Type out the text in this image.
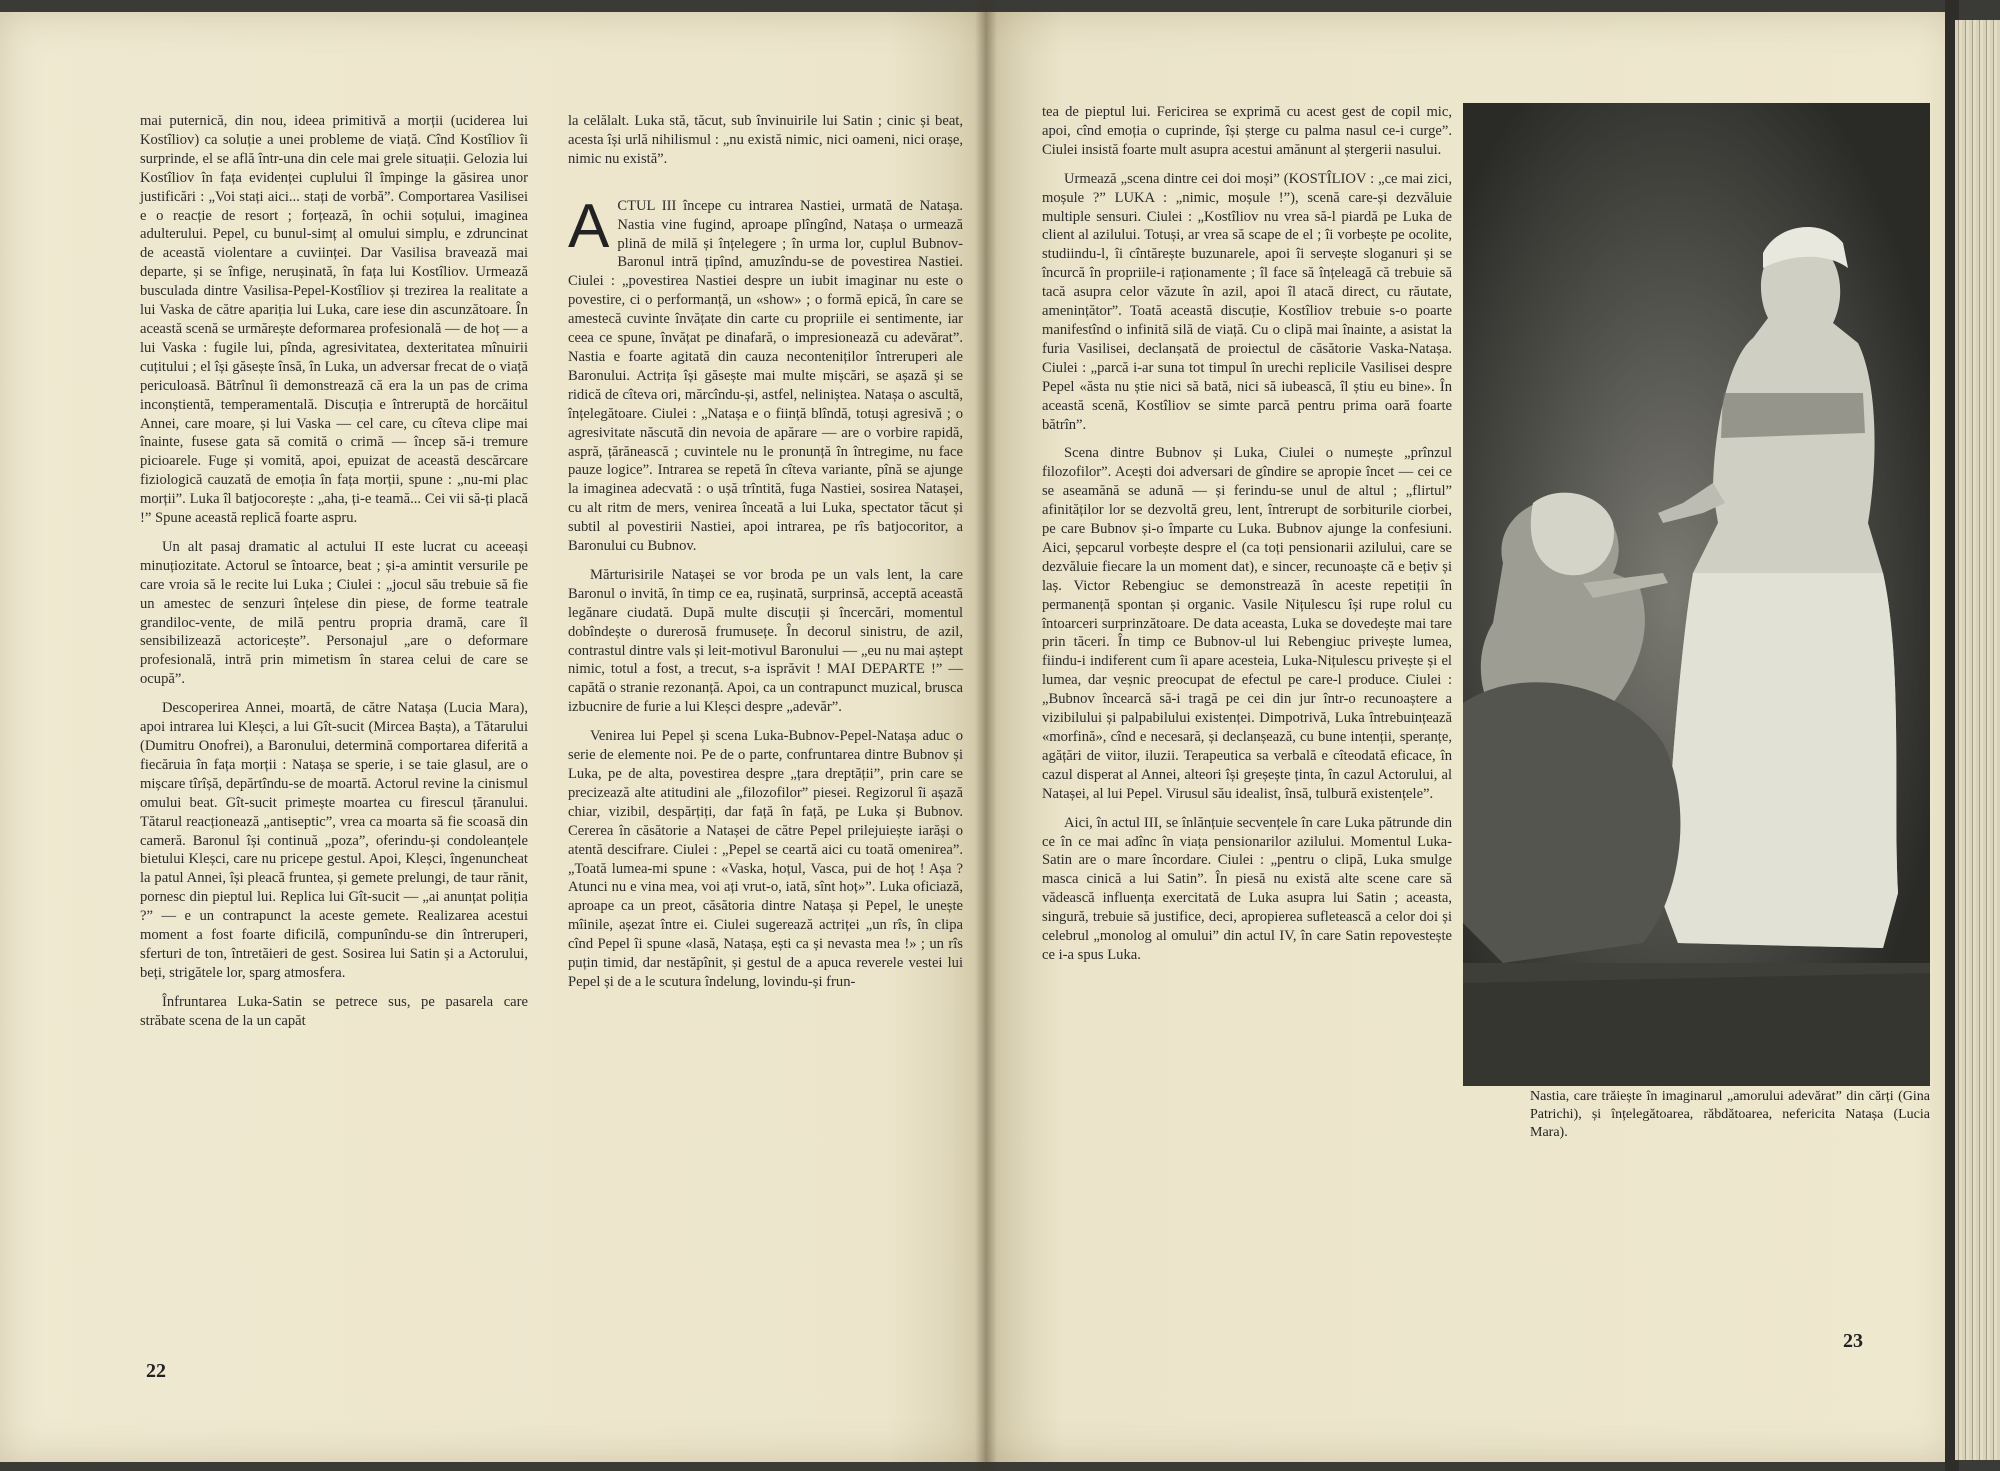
mai puternică, din nou, ideea primitivă a morții (uciderea lui Kostîliov) ca soluție a unei probleme de viață. Cînd Kostîliov îi surprinde, el se află într-una din cele mai grele situații. Gelozia lui Kostîliov în fața evidenței cuplului îl împinge la găsirea unor justificări : „Voi stați aici... stați de vorbă”. Comportarea Vasilisei e o reacție de resort ; forțează, în ochii soțului, imaginea adulterului. Pepel, cu bunul-simț al omului simplu, e zdruncinat de această violentare a cuviinței. Dar Vasilisa bravează mai departe, și se înfige, nerușinată, în fața lui Kostîliov. Urmează busculada dintre Vasilisa-Pepel-Kostîliov și trezirea la realitate a lui Vaska de către apariția lui Luka, care iese din ascunzătoare. În această scenă se urmărește deformarea profesională — de hoț — a lui Vaska : fugile lui, pînda, agresivitatea, dexteritatea mînuirii cuțitului ; el își găsește însă, în Luka, un adversar frecat de o viață periculoasă. Bătrînul îi demonstrează că era la un pas de crima inconștientă, temperamentală. Discuția e întreruptă de horcăitul Annei, care moare, și lui Vaska — cel care, cu cîteva clipe mai înainte, fusese gata să comită o crimă — încep să-i tremure picioarele. Fuge și vomită, apoi, epuizat de această descărcare fiziologică cauzată de emoția în fața morții, spune : „nu-mi plac morții”. Luka îl batjocorește : „aha, ți-e teamă... Cei vii să-ți placă !” Spune această replică foarte aspru.

Un alt pasaj dramatic al actului II este lucrat cu aceeași minuțiozitate. Actorul se întoarce, beat ; și-a amintit versurile pe care vroia să le recite lui Luka ; Ciulei : „jocul său trebuie să fie un amestec de senzuri înțelese din piese, de forme teatrale grandiloc-vente, de milă pentru propria dramă, care îl sensibilizează actoricește”. Personajul „are o deformare profesională, intră prin mimetism în starea celui de care se ocupă”.

Descoperirea Annei, moartă, de către Natașa (Lucia Mara), apoi intrarea lui Kleșci, a lui Gît-sucit (Mircea Bașta), a Tătarului (Dumitru Onofrei), a Baronului, determină comportarea diferită a fiecăruia în fața morții : Natașa se sperie, i se taie glasul, are o mișcare tîrîșă, depărtîndu-se de moartă. Actorul revine la cinismul omului beat. Gît-sucit primește moartea cu firescul țăranului. Tătarul reacționează „antiseptic”, vrea ca moarta să fie scoasă din cameră. Baronul își continuă „poza”, oferindu-și condoleanțele bietului Kleșci, care nu pricepe gestul. Apoi, Kleșci, îngenuncheat la patul Annei, își pleacă fruntea, și gemete prelungi, de taur rănit, pornesc din pieptul lui. Replica lui Gît-sucit — „ai anunțat poliția ?” — e un contrapunct la aceste gemete. Realizarea acestui moment a fost foarte dificilă, compunîndu-se din întreruperi, sferturi de ton, întretăieri de gest. Sosirea lui Satin și a Actorului, beți, strigătele lor, sparg atmosfera.

Înfruntarea Luka-Satin se petrece sus, pe pasarela care străbate scena de la un capăt

la celălalt. Luka stă, tăcut, sub învinuirile lui Satin ; cinic și beat, acesta își urlă nihilismul : „nu există nimic, nici oameni, nici orașe, nimic nu există”.

ACTUL III începe cu intrarea Nastiei, urmată de Natașa. Nastia vine fugind, aproape plîngînd, Natașa o urmează plină de milă și înțelegere ; în urma lor, cuplul Bubnov-Baronul intră țipînd, amuzîndu-se de povestirea Nastiei. Ciulei : „povestirea Nastiei despre un iubit imaginar nu este o povestire, ci o performanță, un «show» ; o formă epică, în care se amestecă cuvinte învățate din carte cu propriile ei sentimente, iar ceea ce spune, învățat pe dinafară, o impresionează cu adevărat”. Nastia e foarte agitată din cauza neconteniților întreruperi ale Baronului. Actrița își găsește mai multe mișcări, se așază și se ridică de cîteva ori, mărcîndu-și, astfel, neliniștea. Natașa o ascultă, înțelegătoare. Ciulei : „Natașa e o ființă blîndă, totuși agresivă ; o agresivitate născută din nevoia de apărare — are o vorbire rapidă, aspră, țărănească ; cuvintele nu le pronunță în întregime, nu face pauze logice”. Intrarea se repetă în cîteva variante, pînă se ajunge la imaginea adecvată : o ușă trîntită, fuga Nastiei, sosirea Natașei, cu alt ritm de mers, venirea înceată a lui Luka, spectator tăcut și subtil al povestirii Nastiei, apoi intrarea, pe rîs batjocoritor, a Baronului cu Bubnov.

Mărturisirile Natașei se vor broda pe un vals lent, la care Baronul o invită, în timp ce ea, rușinată, surprinsă, acceptă această legănare ciudată. După multe discuții și încercări, momentul dobîndește o durerosă frumusețe. În decorul sinistru, de azil, contrastul dintre vals și leit-motivul Baronului — „eu nu mai aștept nimic, totul a fost, a trecut, s-a isprăvit ! MAI DEPARTE !” — capătă o stranie rezonanță. Apoi, ca un contrapunct muzical, brusca izbucnire de furie a lui Kleșci despre „adevăr”.

Venirea lui Pepel și scena Luka-Bubnov-Pepel-Natașa aduc o serie de elemente noi. Pe de o parte, confruntarea dintre Bubnov și Luka, pe de alta, povestirea despre „țara dreptății”, prin care se precizează alte atitudini ale „filozofilor” piesei. Regizorul îi așază chiar, vizibil, despărțiți, dar față în față, pe Luka și Bubnov. Cererea în căsătorie a Natașei de către Pepel prilejuiește iarăși o atentă descifrare. Ciulei : „Pepel se ceartă aici cu toată omenirea”. „Toată lumea-mi spune : «Vaska, hoțul, Vasca, pui de hoț ! Așa ? Atunci nu e vina mea, voi ați vrut-o, iată, sînt hoț»”. Luka oficiază, aproape ca un preot, căsătoria dintre Natașa și Pepel, le unește mîinile, așezat între ei. Ciulei sugerează actriței „un rîs, în clipa cînd Pepel îi spune «lasă, Natașa, ești ca și nevasta mea !» ; un rîs puțin timid, dar nestăpînit, și gestul de a apuca reverele vestei lui Pepel și de a le scutura îndelung, lovindu-și frun-

22

tea de pieptul lui. Fericirea se exprimă cu acest gest de copil mic, apoi, cînd emoția o cuprinde, își șterge cu palma nasul ce-i curge”. Ciulei insistă foarte mult asupra acestui amănunt al ștergerii nasului.

Urmează „scena dintre cei doi moși” (KOSTÎLIOV : „ce mai zici, moșule ?” LUKA : „nimic, moșule !”), scenă care-și dezvăluie multiple sensuri. Ciulei : „Kostîliov nu vrea să-l piardă pe Luka de client al azilului. Totuși, ar vrea să scape de el ; îi vorbește pe ocolite, studiindu-l, îi cîntărește buzunarele, apoi îi servește sloganuri și se încurcă în propriile-i raționamente ; îl face să înțeleagă că trebuie să tacă asupra celor văzute în azil, apoi îl atacă direct, cu răutate, amenințător”. Toată această discuție, Kostîliov trebuie s-o poarte manifestînd o infinită silă de viață. Cu o clipă mai înainte, a asistat la furia Vasilisei, declanșată de proiectul de căsătorie Vaska-Natașa. Ciulei : „parcă i-ar suna tot timpul în urechi replicile Vasilisei despre Pepel «ăsta nu știe nici să bată, nici să iubească, îl știu eu bine». În această scenă, Kostîliov se simte parcă pentru prima oară foarte bătrîn”.

Scena dintre Bubnov și Luka, Ciulei o numește „prînzul filozofilor”. Acești doi adversari de gîndire se apropie încet — cei ce se aseamănă se adună — și ferindu-se unul de altul ; „flirtul” afinităților lor se dezvoltă greu, lent, întrerupt de sorbiturile ciorbei, pe care Bubnov și-o împarte cu Luka. Bubnov ajunge la confesiuni. Aici, șepcarul vorbește despre el (ca toți pensionarii azilului, care se dezvăluie fiecare la un moment dat), e sincer, recunoaște că e bețiv și laș. Victor Rebengiuc se demonstrează în aceste repetiții în permanență spontan și organic. Vasile Nițulescu își rupe rolul cu întoarceri surprinzătoare. De data aceasta, Luka se dovedește mai tare prin tăceri. În timp ce Bubnov-ul lui Rebengiuc privește lumea, fiindu-i indiferent cum îi apare acesteia, Luka-Nițulescu privește și el lumea, dar veșnic preocupat de efectul pe care-l produce. Ciulei : „Bubnov încearcă să-i tragă pe cei din jur într-o recunoaștere a vizibilului și palpabilului existenței. Dimpotrivă, Luka întrebuințează «morfină», cînd e necesară, și declanșează, cu bune intenții, speranțe, agățări de viitor, iluzii. Terapeutica sa verbală e cîteodată eficace, în cazul disperat al Annei, alteori își greșește ținta, în cazul Actorului, al Natașei, al lui Pepel. Virusul său idealist, însă, tulbură existențele”.

Aici, în actul III, se înlănțuie secvențele în care Luka pătrunde din ce în ce mai adînc în viața pensionarilor azilului. Momentul Luka-Satin are o mare încordare. Ciulei : „pentru o clipă, Luka smulge masca cinică a lui Satin”. În piesă nu există alte scene care să vădească influența exercitată de Luka asupra lui Satin ; aceasta, singură, trebuie să justifice, deci, apropierea sufletească a celor doi și celebrul „monolog al omului” din actul IV, în care Satin repovestește ce i-a spus Luka.

Nastia, care trăiește în imaginarul „amorului adevărat” din cărți (Gina Patrichi), și înțelegătoarea, răbdătoarea, nefericita Natașa (Lucia Mara).
23
